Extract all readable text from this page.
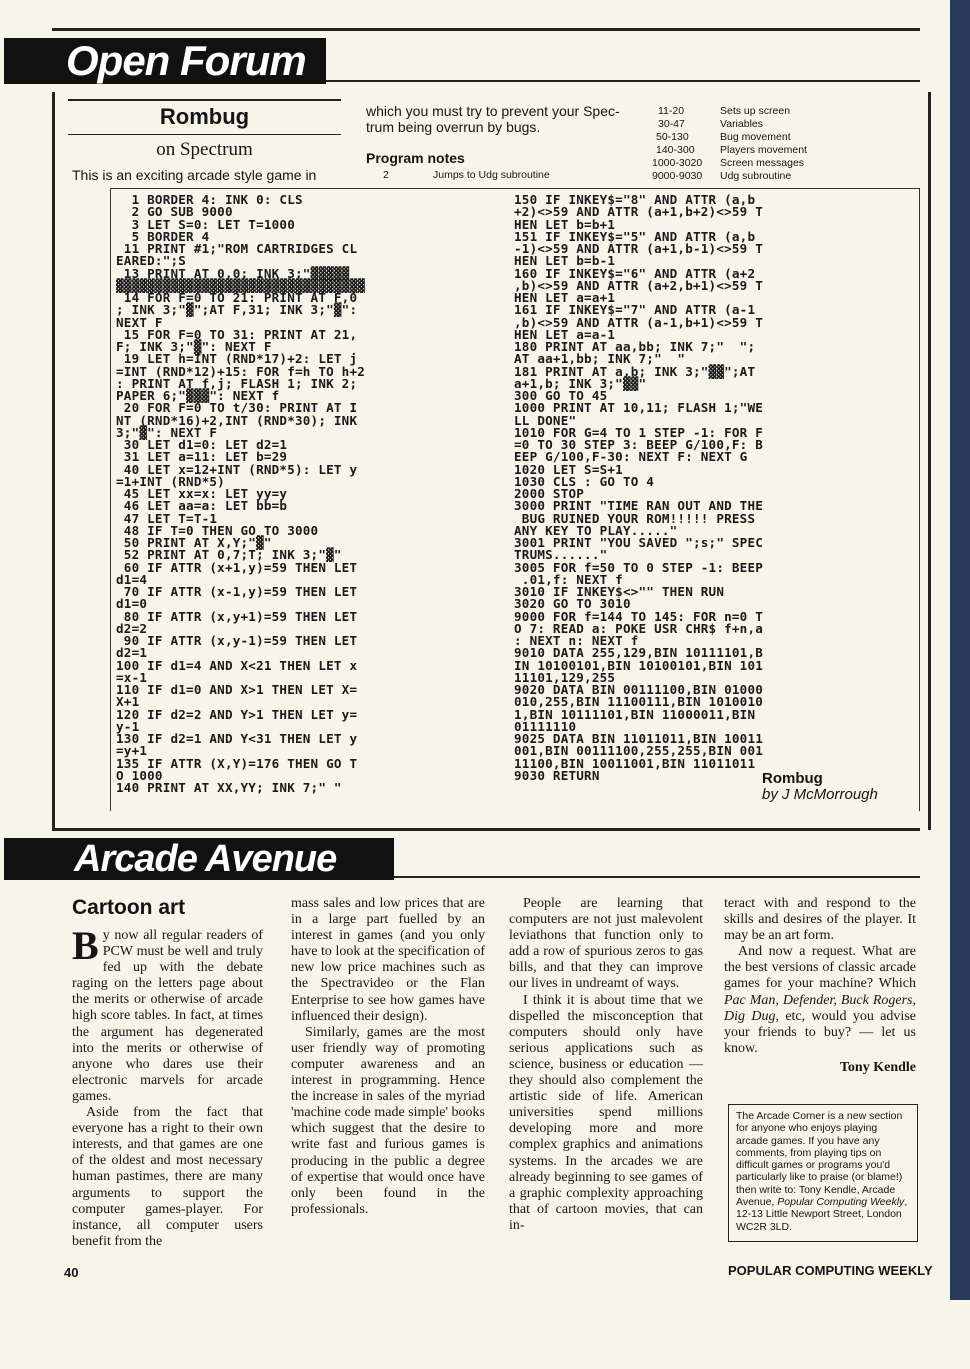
Open Forum
Rombug
on Spectrum
This is an exciting arcade style game in
which you must try to prevent your Spec-
trum being overrun by bugs.
Program notes
2	Jumps to Udg subroutine
11-20	Sets up screen
30-47	Variables
50-130	Bug movement
140-300 Players movement
1000-3020 Screen messages
9000-9030 Udg subroutine
1 BORDER 4: INK 0: CLS
2 GO SUB 9000
3 LET S=0: LET T=1000
5 BORDER 4
11 PRINT #1;"ROM CARTRIDGES CL
EARED:";S
13 PRINT AT 0,0; INK 3;"▓▓▓▓▓
▓▓▓▓▓▓▓▓▓▓▓▓▓▓▓▓▓▓▓▓▓▓▓▓▓▓▓▓▓▓▓▓
14 FOR F=0 TO 21: PRINT AT F,0
; INK 3;"▓";AT F,31; INK 3;"▓":
NEXT F
15 FOR F=0 TO 31: PRINT AT 21,
F; INK 3;"▓": NEXT F
19 LET h=INT (RND*17)+2: LET j
=INT (RND*12)+15: FOR f=h TO h+2
: PRINT AT f,j; FLASH 1; INK 2;
PAPER 6;"▓▓▓": NEXT f
20 FOR F=0 TO t/30: PRINT AT I
NT (RND*16)+2,INT (RND*30); INK
3;"▓": NEXT F
30 LET d1=0: LET d2=1
31 LET a=11: LET b=29
40 LET x=12+INT (RND*5): LET y
=1+INT (RND*5)
45 LET xx=x: LET yy=y
46 LET aa=a: LET bb=b
47 LET T=T-1
48 IF T=0 THEN GO TO 3000
50 PRINT AT X,Y;"▓"
52 PRINT AT 0,7;T; INK 3;"▓"
60 IF ATTR (x+1,y)=59 THEN LET
d1=4
70 IF ATTR (x-1,y)=59 THEN LET
d1=0
80 IF ATTR (x,y+1)=59 THEN LET
d2=2
90 IF ATTR (x,y-1)=59 THEN LET
d2=1
100 IF d1=4 AND X<21 THEN LET x
=x-1
110 IF d1=0 AND X>1 THEN LET X=
X+1
120 IF d2=2 AND Y>1 THEN LET y=
y-1
130 IF d2=1 AND Y<31 THEN LET y
=y+1
135 IF ATTR (X,Y)=176 THEN GO T
O 1000
140 PRINT AT XX,YY; INK 7;" "
150 IF INKEY$="8" AND ATTR (a,b
+2)<>59 AND ATTR (a+1,b+2)<>59 T
HEN LET b=b+1
151 IF INKEY$="5" AND ATTR (a,b
-1)<>59 AND ATTR (a+1,b-1)<>59 T
HEN LET b=b-1
160 IF INKEY$="6" AND ATTR (a+2
,b)<>59 AND ATTR (a+2,b+1)<>59 T
HEN LET a=a+1
161 IF INKEY$="7" AND ATTR (a-1
,b)<>59 AND ATTR (a-1,b+1)<>59 T
HEN LET a=a-1
180 PRINT AT aa,bb; INK 7;"  ";
AT aa+1,bb; INK 7;"  "
181 PRINT AT a,b; INK 3;"▓▓";AT
a+1,b; INK 3;"▓▓"
300 GO TO 45
1000 PRINT AT 10,11; FLASH 1;"WE
LL DONE"
1010 FOR G=4 TO 1 STEP -1: FOR F
=0 TO 30 STEP 3: BEEP G/100,F: B
EEP G/100,F-30: NEXT F: NEXT G
1020 LET S=S+1
1030 CLS : GO TO 4
2000 STOP
3000 PRINT "TIME RAN OUT AND THE
BUG RUINED YOUR ROM!!!!! PRESS
ANY KEY TO PLAY....."
3001 PRINT "YOU SAVED ";s;" SPEC
TRUMS......"
3005 FOR f=50 TO 0 STEP -1: BEEP
.01,f: NEXT f
3010 IF INKEY$<>"" THEN RUN
3020 GO TO 3010
9000 FOR f=144 TO 145: FOR n=0 T
O 7: READ a: POKE USR CHR$ f+n,a
: NEXT n: NEXT f
9010 DATA 255,129,BIN 10111101,B
IN 10100101,BIN 10100101,BIN 101
11101,129,255
9020 DATA BIN 00111100,BIN 01000
010,255,BIN 11100111,BIN 1010010
1,BIN 10111101,BIN 11000011,BIN
01111110
9025 DATA BIN 11011011,BIN 10011
001,BIN 00111100,255,255,BIN 001
11100,BIN 10011001,BIN 11011011
9030 RETURN	Rombug
by J McMorrough
Arcade Avenue
Cartoon art

By now all regular readers of PCW must be well and truly fed up with the debate raging on the letters page about the merits or otherwise of arcade high score tables. In fact, at times the argument has degenerated into the merits or otherwise of anyone who dares use their electronic marvels for arcade games.

Aside from the fact that everyone has a right to their own interests, and that games are one of the oldest and most necessary human pastimes, there are many arguments to support the computer games-player. For instance, all computer users benefit from the

mass sales and low prices that are in a large part fuelled by an interest in games (and you only have to look at the specification of new low price machines such as the Spectravideo or the Flan Enterprise to see how games have influenced their design).

Similarly, games are the most user friendly way of promoting computer awareness and an interest in programming. Hence the increase in sales of the myriad 'machine code made simple' books which suggest that the desire to write fast and furious games is producing in the public a degree of expertise that would once have only been found in the professionals.

People are learning that computers are not just malevolent leviathons that function only to add a row of spurious zeros to gas bills, and that they can improve our lives in undreamt of ways.

I think it is about time that we dispelled the misconception that computers should only have serious applications such as science, business or education — they should also complement the artistic side of life. American universities spend millions developing more and more complex graphics and animations systems. In the arcades we are already beginning to see games of a graphic complexity approaching that of cartoon movies, that can in-

teract with and respond to the skills and desires of the player. It may be an art form.

And now a request. What are the best versions of classic arcade games for your machine? Which Pac Man, Defender, Buck Rogers, Dig Dug, etc, would you advise your friends to buy? — let us know.

Tony Kendle
The Arcade Corner is a new section for anyone who enjoys playing arcade games. If you have any comments, from playing tips on difficult games or programs you'd particularly like to praise (or blame!) then write to: Tony Kendle, Arcade Avenue, Popular Computing Weekly, 12-13 Little Newport Street, London WC2R 3LD.
40	POPULAR COMPUTING WEEKLY
